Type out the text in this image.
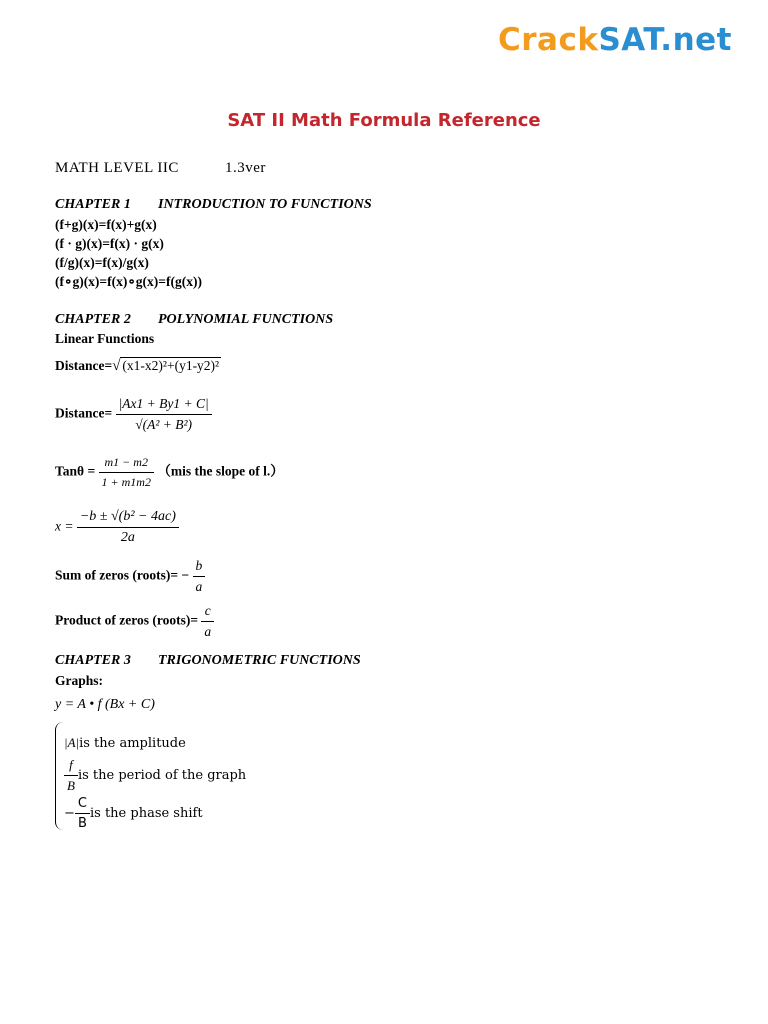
CrackSAT.net
SAT II Math Formula Reference
MATH LEVEL IIC	1.3ver
CHAPTER 1 INTRODUCTION TO FUNCTIONS
(f+g)(x)=f(x)+g(x)
(f · g)(x)=f(x) · g(x)
(f/g)(x)=f(x)/g(x)
(f∘g)(x)=f(x)∘g(x)=f(g(x))
CHAPTER 2 POLYNOMIAL FUNCTIONS
Linear Functions
Distance=√ (x1-x2)²+(y1-y2)²
Distance= $\frac{|Ax1 + By1 + C|}{\text{√(A² + B²)}}$
$Tan\theta = \frac{m1 - m2}{1 + m1m2} (mis$ the slope of l.）
$x = \frac{\text{−b ± √(b² − 4ac)}}{2a}$
Sum of zeros (roots)= − $\frac{b}{a}$
Product of zeros (roots)= $\frac{c}{a}$
CHAPTER 3 TRIGONOMETRIC FUNCTIONS
Graphs:
y = A • f (Bx + C)
|A|is the amplitude
$\frac{f}{B}$ is the period of the graph
− $\frac{C}{B}$ is the phase shift
